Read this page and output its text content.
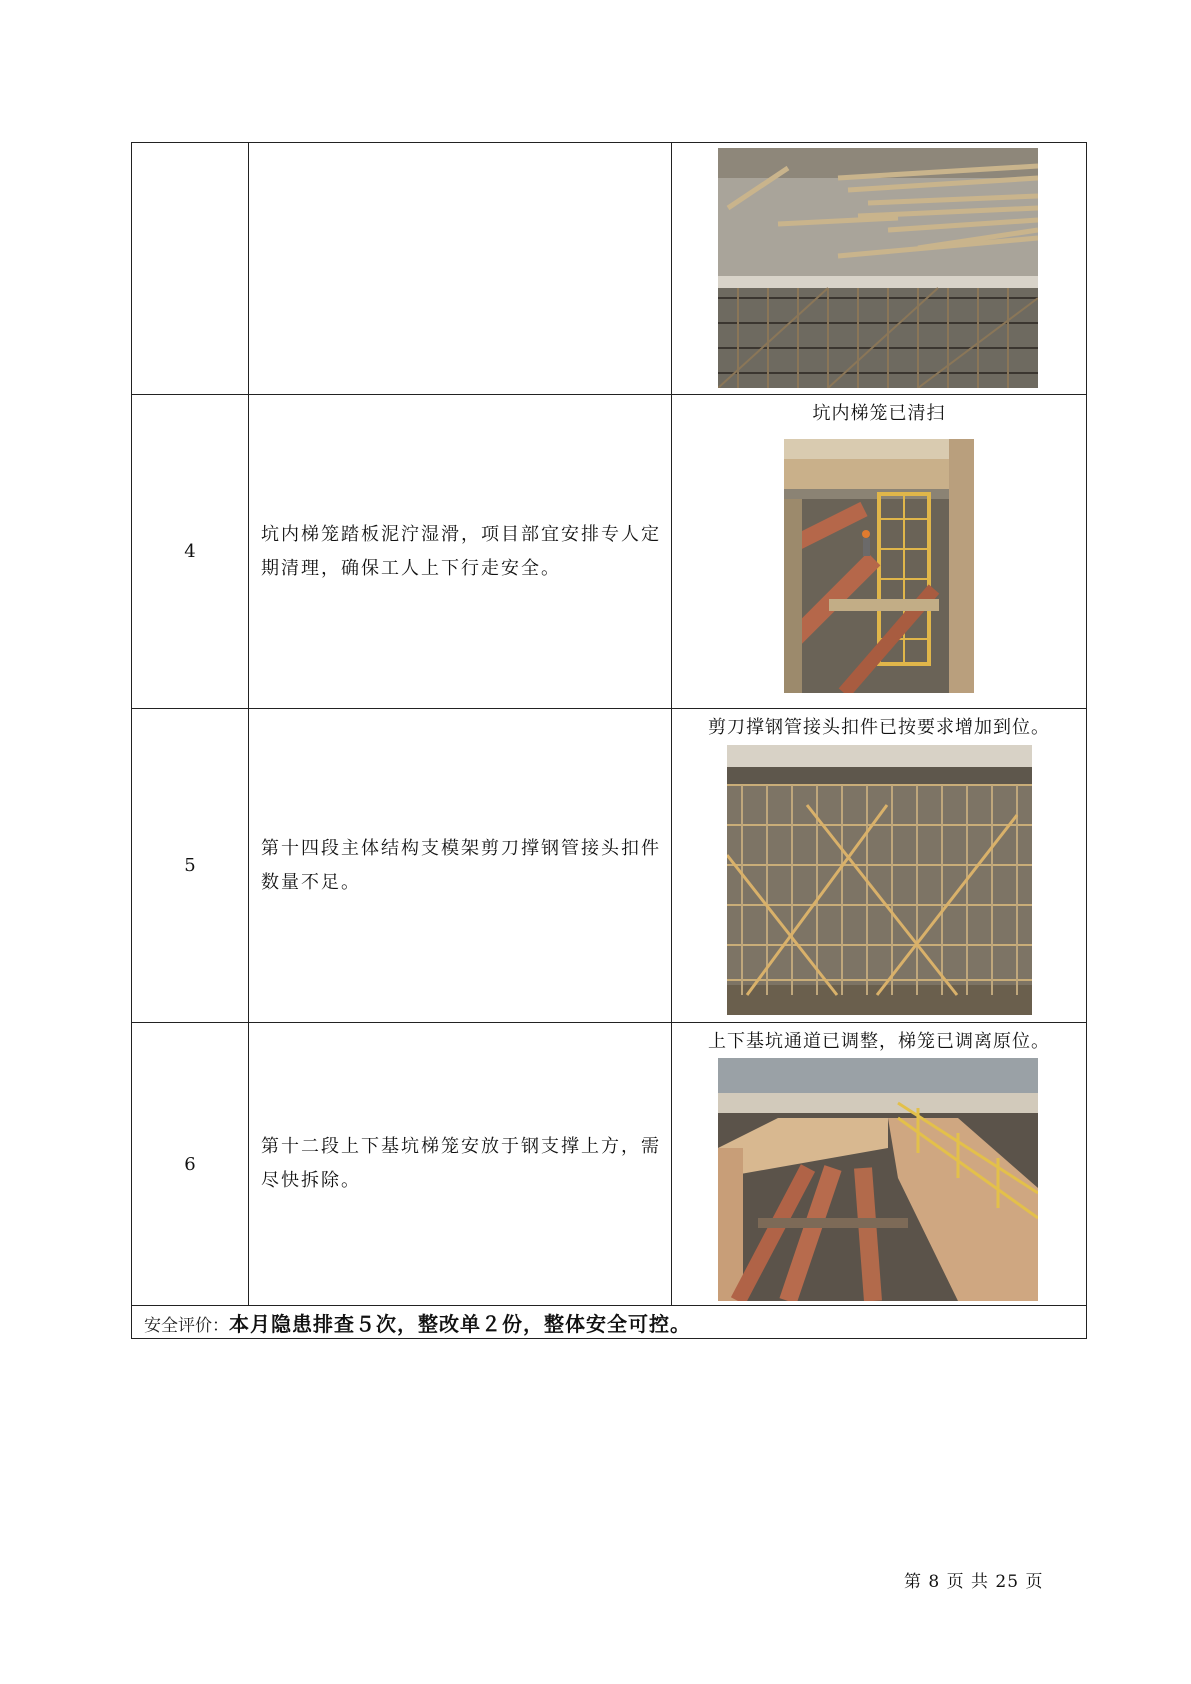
4	坑内梯笼踏板泥泞湿滑，项目部宜安排专人定期清理，确保工人上下行走安全。	坑内梯笼已清扫

5	第十四段主体结构支模架剪刀撑钢管接头扣件数量不足。	剪刀撑钢管接头扣件已按要求增加到位。

6	第十二段上下基坑梯笼安放于钢支撑上方，需尽快拆除。	上下基坑通道已调整，梯笼已调离原位。

安全评价：本月隐患排查５次，整改单２份，整体安全可控。		
第 8 页 共 25 页
